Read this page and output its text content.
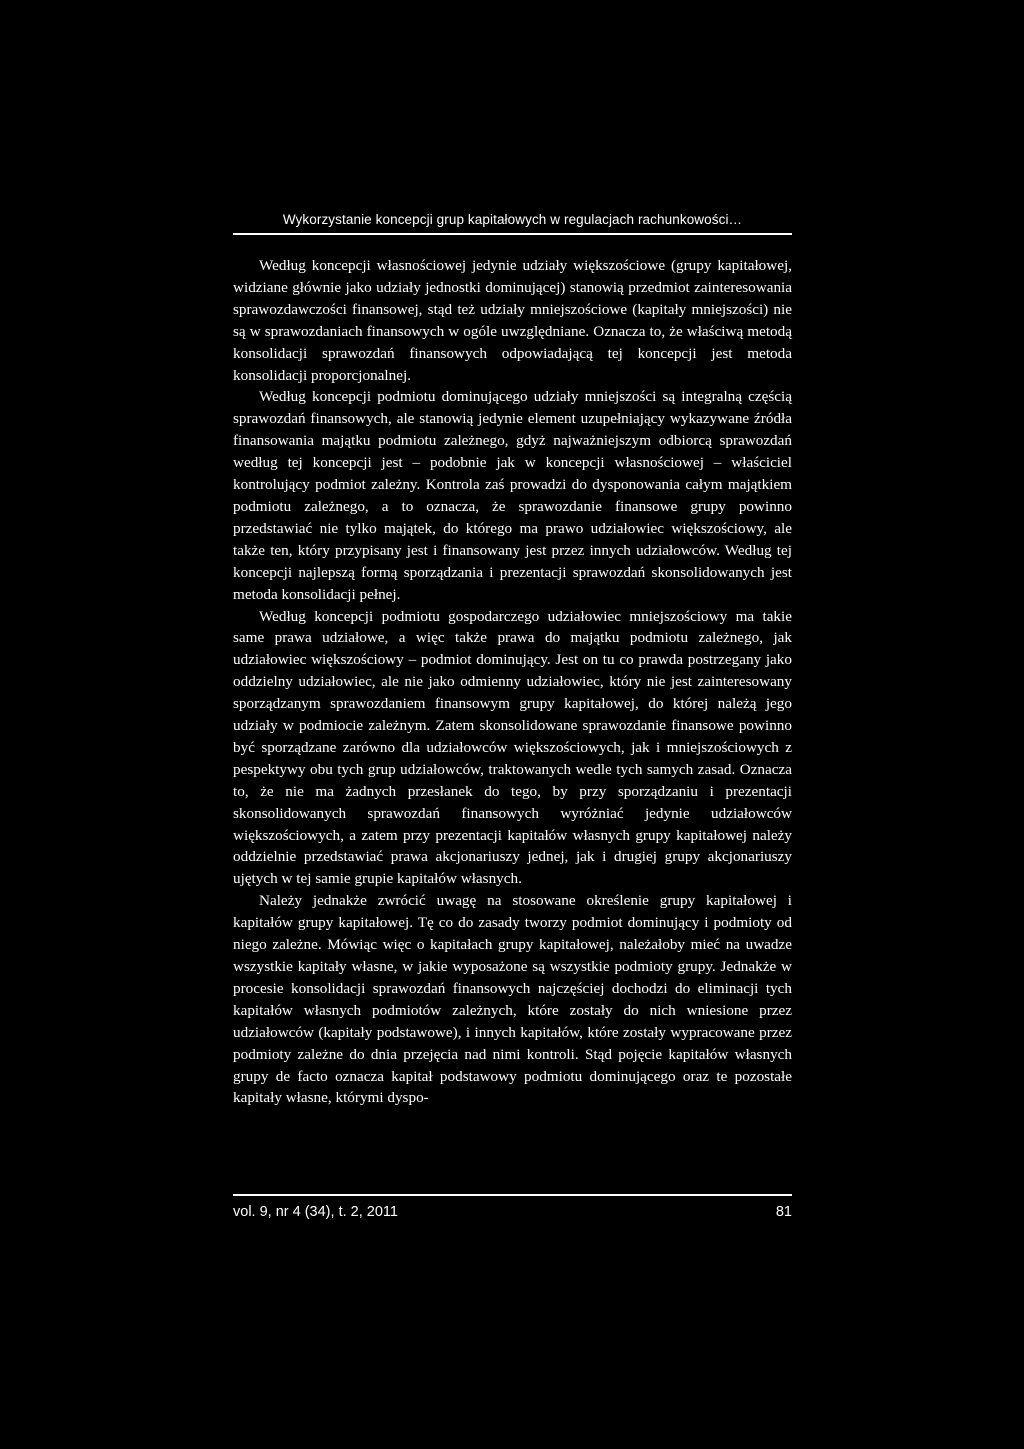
Wykorzystanie koncepcji grup kapitałowych w regulacjach rachunkowości…

Według koncepcji własnościowej jedynie udziały większościowe (grupy kapitałowej, widziane głównie jako udziały jednostki dominującej) stanowią przedmiot zainteresowania sprawozdawczości finansowej, stąd też udziały mniejszościowe (kapitały mniejszości) nie są w sprawozdaniach finansowych w ogóle uwzględniane. Oznacza to, że właściwą metodą konsolidacji sprawozdań finansowych odpowiadającą tej koncepcji jest metoda konsolidacji proporcjonalnej.

Według koncepcji podmiotu dominującego udziały mniejszości są integralną częścią sprawozdań finansowych, ale stanowią jedynie element uzupełniający wykazywane źródła finansowania majątku podmiotu zależnego, gdyż najważniejszym odbiorcą sprawozdań według tej koncepcji jest – podobnie jak w koncepcji własnościowej – właściciel kontrolujący podmiot zależny. Kontrola zaś prowadzi do dysponowania całym majątkiem podmiotu zależnego, a to oznacza, że sprawozdanie finansowe grupy powinno przedstawiać nie tylko majątek, do którego ma prawo udziałowiec większościowy, ale także ten, który przypisany jest i finansowany jest przez innych udziałowców. Według tej koncepcji najlepszą formą sporządzania i prezentacji sprawozdań skonsolidowanych jest metoda konsolidacji pełnej.

Według koncepcji podmiotu gospodarczego udziałowiec mniejszościowy ma takie same prawa udziałowe, a więc także prawa do majątku podmiotu zależnego, jak udziałowiec większościowy – podmiot dominujący. Jest on tu co prawda postrzegany jako oddzielny udziałowiec, ale nie jako odmienny udziałowiec, który nie jest zainteresowany sporządzanym sprawozdaniem finansowym grupy kapitałowej, do której należą jego udziały w podmiocie zależnym. Zatem skonsolidowane sprawozdanie finansowe powinno być sporządzane zarówno dla udziałowców większościowych, jak i mniejszościowych z pespektywy obu tych grup udziałowców, traktowanych wedle tych samych zasad. Oznacza to, że nie ma żadnych przesłanek do tego, by przy sporządzaniu i prezentacji skonsolidowanych sprawozdań finansowych wyróżniać jedynie udziałowców większościowych, a zatem przy prezentacji kapitałów własnych grupy kapitałowej należy oddzielnie przedstawiać prawa akcjonariuszy jednej, jak i drugiej grupy akcjonariuszy ujętych w tej samie grupie kapitałów własnych.

Należy jednakże zwrócić uwagę na stosowane określenie grupy kapitałowej i kapitałów grupy kapitałowej. Tę co do zasady tworzy podmiot dominujący i podmioty od niego zależne. Mówiąc więc o kapitałach grupy kapitałowej, należałoby mieć na uwadze wszystkie kapitały własne, w jakie wyposażone są wszystkie podmioty grupy. Jednakże w procesie konsolidacji sprawozdań finansowych najczęściej dochodzi do eliminacji tych kapitałów własnych podmiotów zależnych, które zostały do nich wniesione przez udziałowców (kapitały podstawowe), i innych kapitałów, które zostały wypracowane przez podmioty zależne do dnia przejęcia nad nimi kontroli. Stąd pojęcie kapitałów własnych grupy de facto oznacza kapitał podstawowy podmiotu dominującego oraz te pozostałe kapitały własne, którymi dyspo-

vol. 9, nr 4 (34), t. 2, 2011	81
